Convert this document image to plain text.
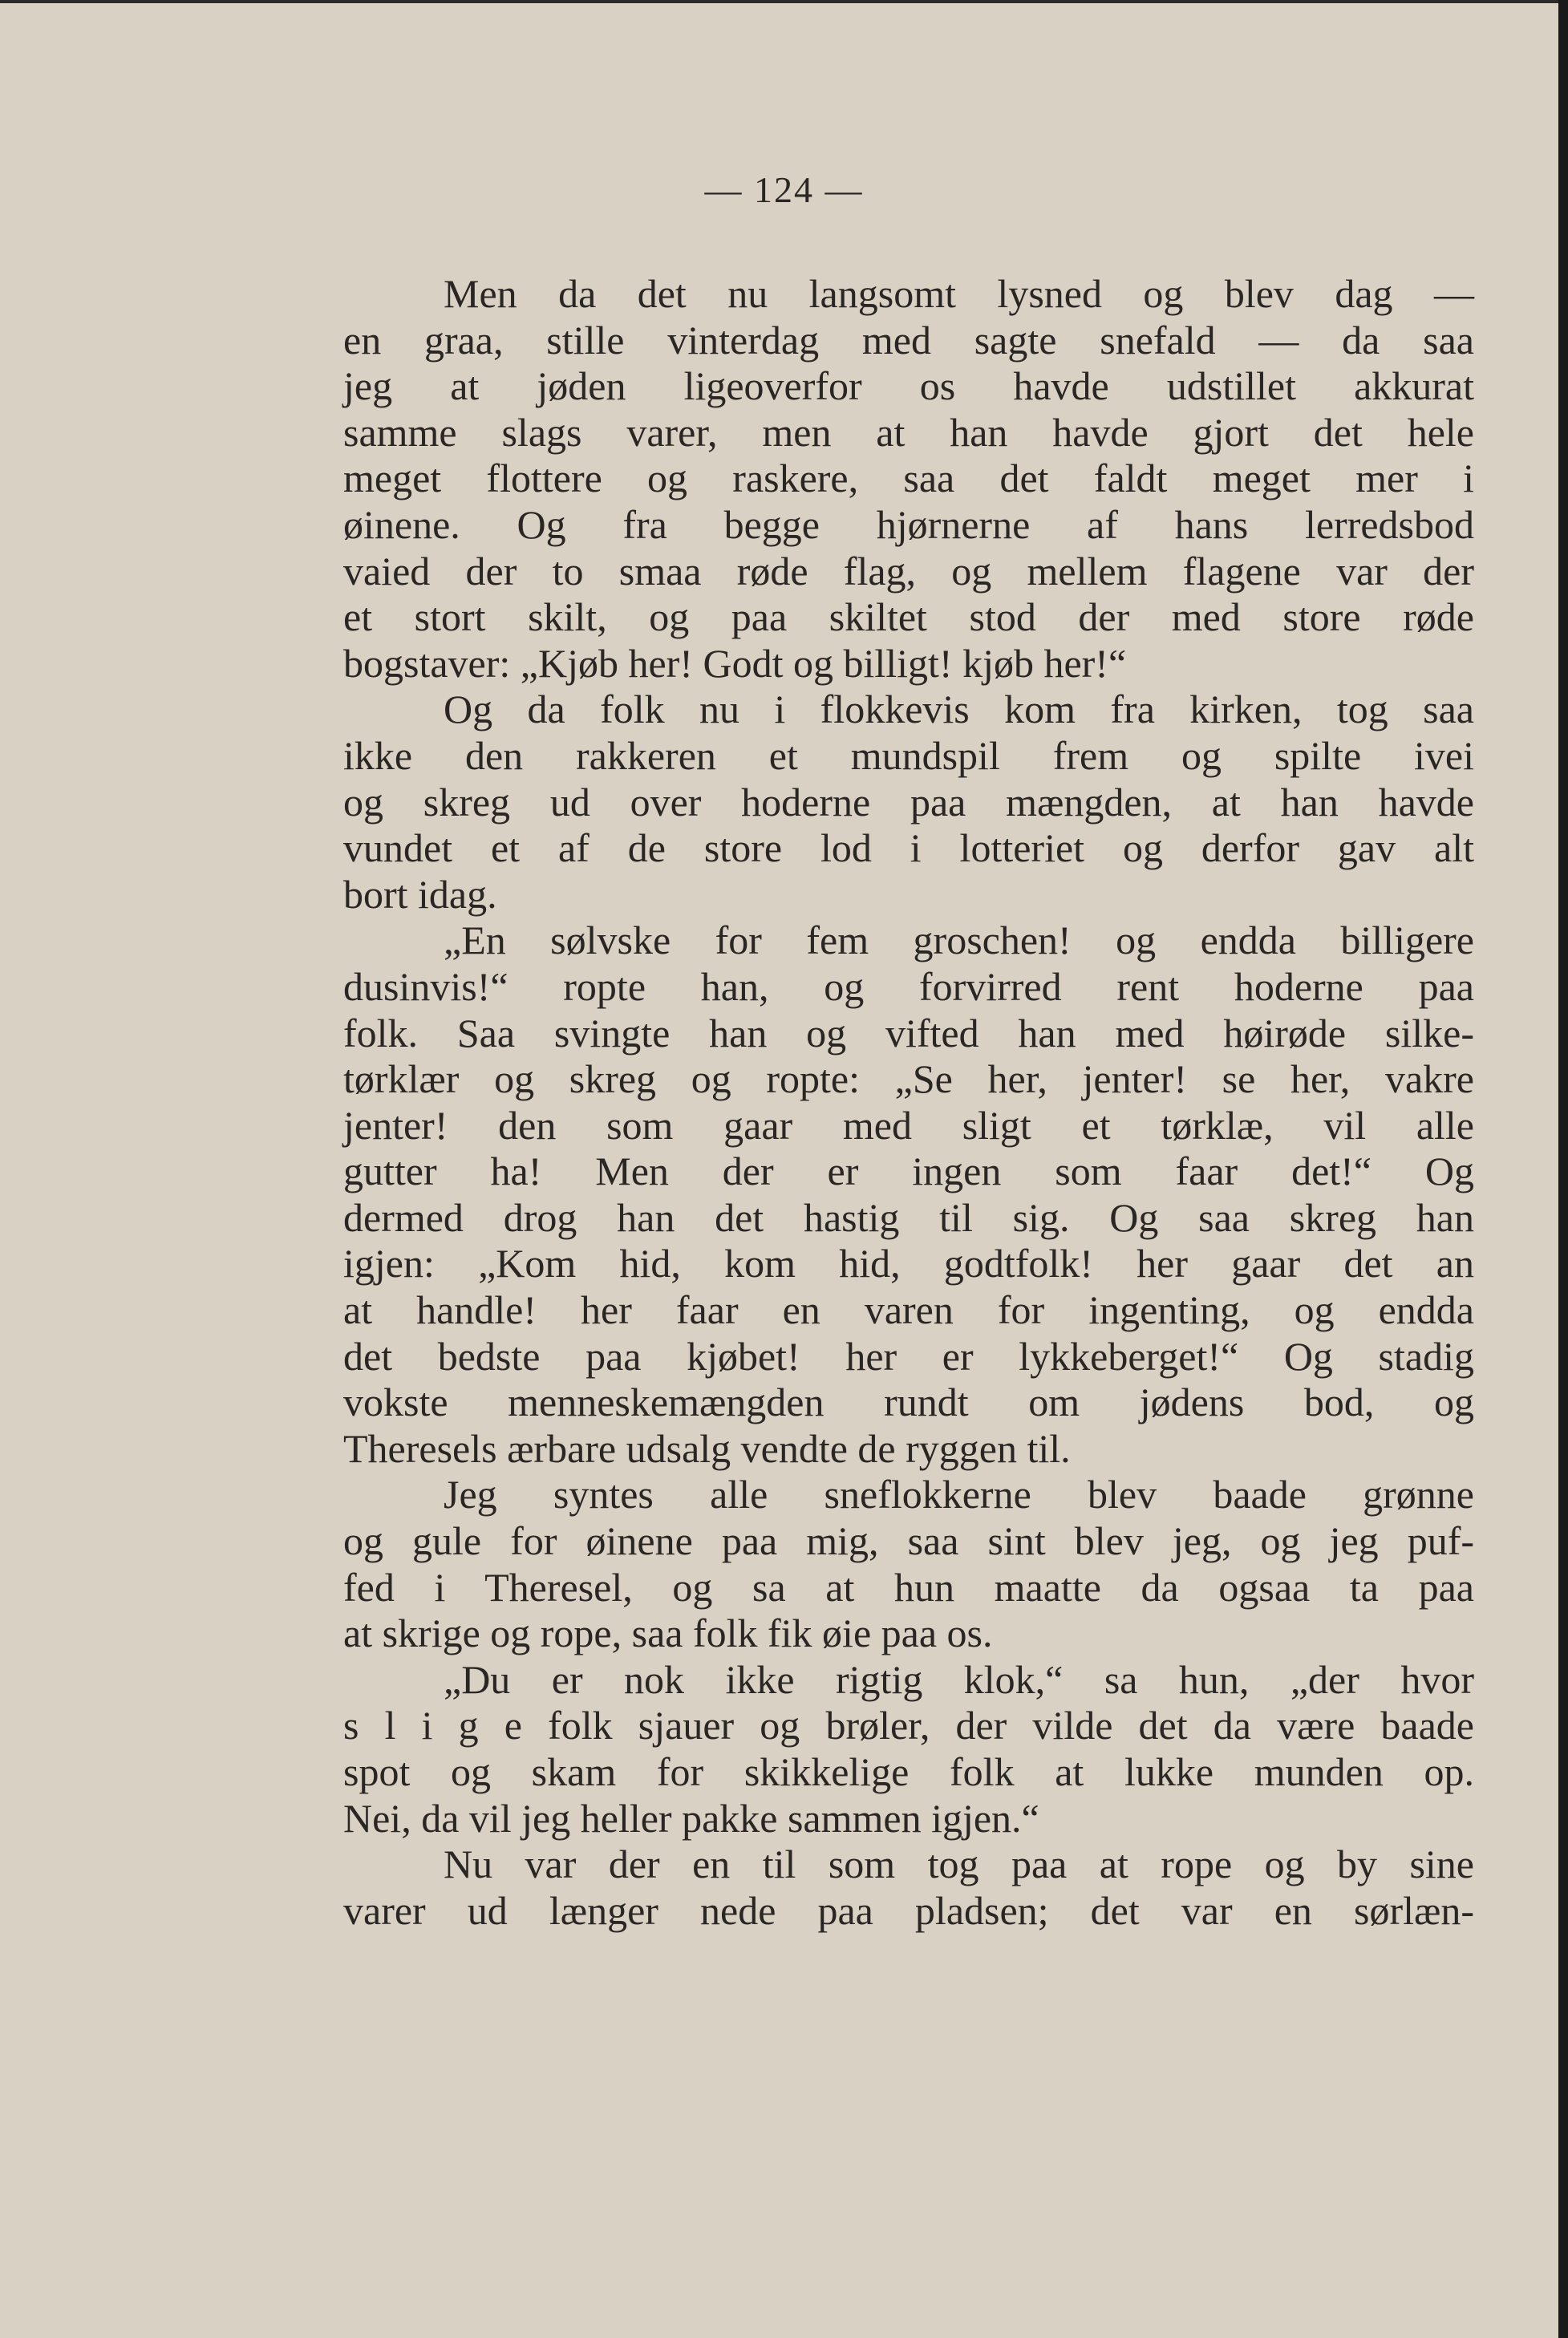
— 124 —
Men da det nu langsomt lysned og blev dag —
en graa, stille vinterdag med sagte snefald — da saa
jeg at jøden ligeoverfor os havde udstillet akkurat
samme slags varer, men at han havde gjort det hele
meget flottere og raskere, saa det faldt meget mer i
øinene. Og fra begge hjørnerne af hans lerredsbod
vaied der to smaa røde flag, og mellem flagene var der
et stort skilt, og paa skiltet stod der med store røde
bogstaver: „Kjøb her! Godt og billigt! kjøb her!“
Og da folk nu i flokkevis kom fra kirken, tog saa
ikke den rakkeren et mundspil frem og spilte ivei
og skreg ud over hoderne paa mængden, at han havde
vundet et af de store lod i lotteriet og derfor gav alt
bort idag.
„En sølvske for fem groschen! og endda billigere
dusinvis!“ ropte han, og forvirred rent hoderne paa
folk. Saa svingte han og vifted han med høirøde silke-
tørklær og skreg og ropte: „Se her, jenter! se her, vakre
jenter! den som gaar med sligt et tørklæ, vil alle
gutter ha! Men der er ingen som faar det!“ Og
dermed drog han det hastig til sig. Og saa skreg han
igjen: „Kom hid, kom hid, godtfolk! her gaar det an
at handle! her faar en varen for ingenting, og endda
det bedste paa kjøbet! her er lykkeberget!“ Og stadig
vokste menneskemængden rundt om jødens bod, og
Theresels ærbare udsalg vendte de ryggen til.
Jeg syntes alle sneflokkerne blev baade grønne
og gule for øinene paa mig, saa sint blev jeg, og jeg puf-
fed i Theresel, og sa at hun maatte da ogsaa ta paa
at skrige og rope, saa folk fik øie paa os.
„Du er nok ikke rigtig klok,“ sa hun, „der hvor
s l i g e folk sjauer og brøler, der vilde det da være baade
spot og skam for skikkelige folk at lukke munden op.
Nei, da vil jeg heller pakke sammen igjen.“
Nu var der en til som tog paa at rope og by sine
varer ud længer nede paa pladsen; det var en sørlæn-
